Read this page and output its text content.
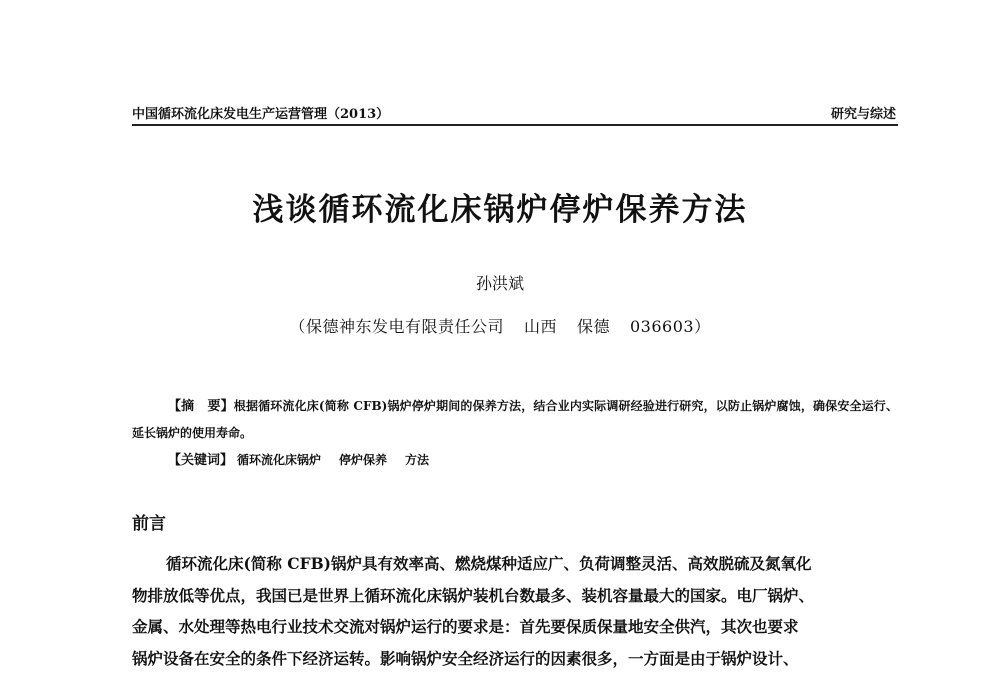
中国循环流化床发电生产运营管理（2013）	研究与综述
浅谈循环流化床锅炉停炉保养方法
孙洪斌
（保德神东发电有限责任公司 山西 保德 036603）

【摘　要】根据循环流化床(简称 CFB)锅炉停炉期间的保养方法，结合业内实际调研经验进行研究，以防止锅炉腐蚀，确保安全运行、延长锅炉的使用寿命。

【关键词】 循环流化床锅炉 停炉保养 方法
前言
循环流化床(简称 CFB)锅炉具有效率高、燃烧煤种适应广、负荷调整灵活、高效脱硫及氮氧化
物排放低等优点，我国已是世界上循环流化床锅炉装机台数最多、装机容量最大的国家。电厂锅炉、
金属、水处理等热电行业技术交流对锅炉运行的要求是：首先要保质保量地安全供汽，其次也要求
锅炉设备在安全的条件下经济运转。影响锅炉安全经济运行的因素很多，一方面是由于锅炉设计、
